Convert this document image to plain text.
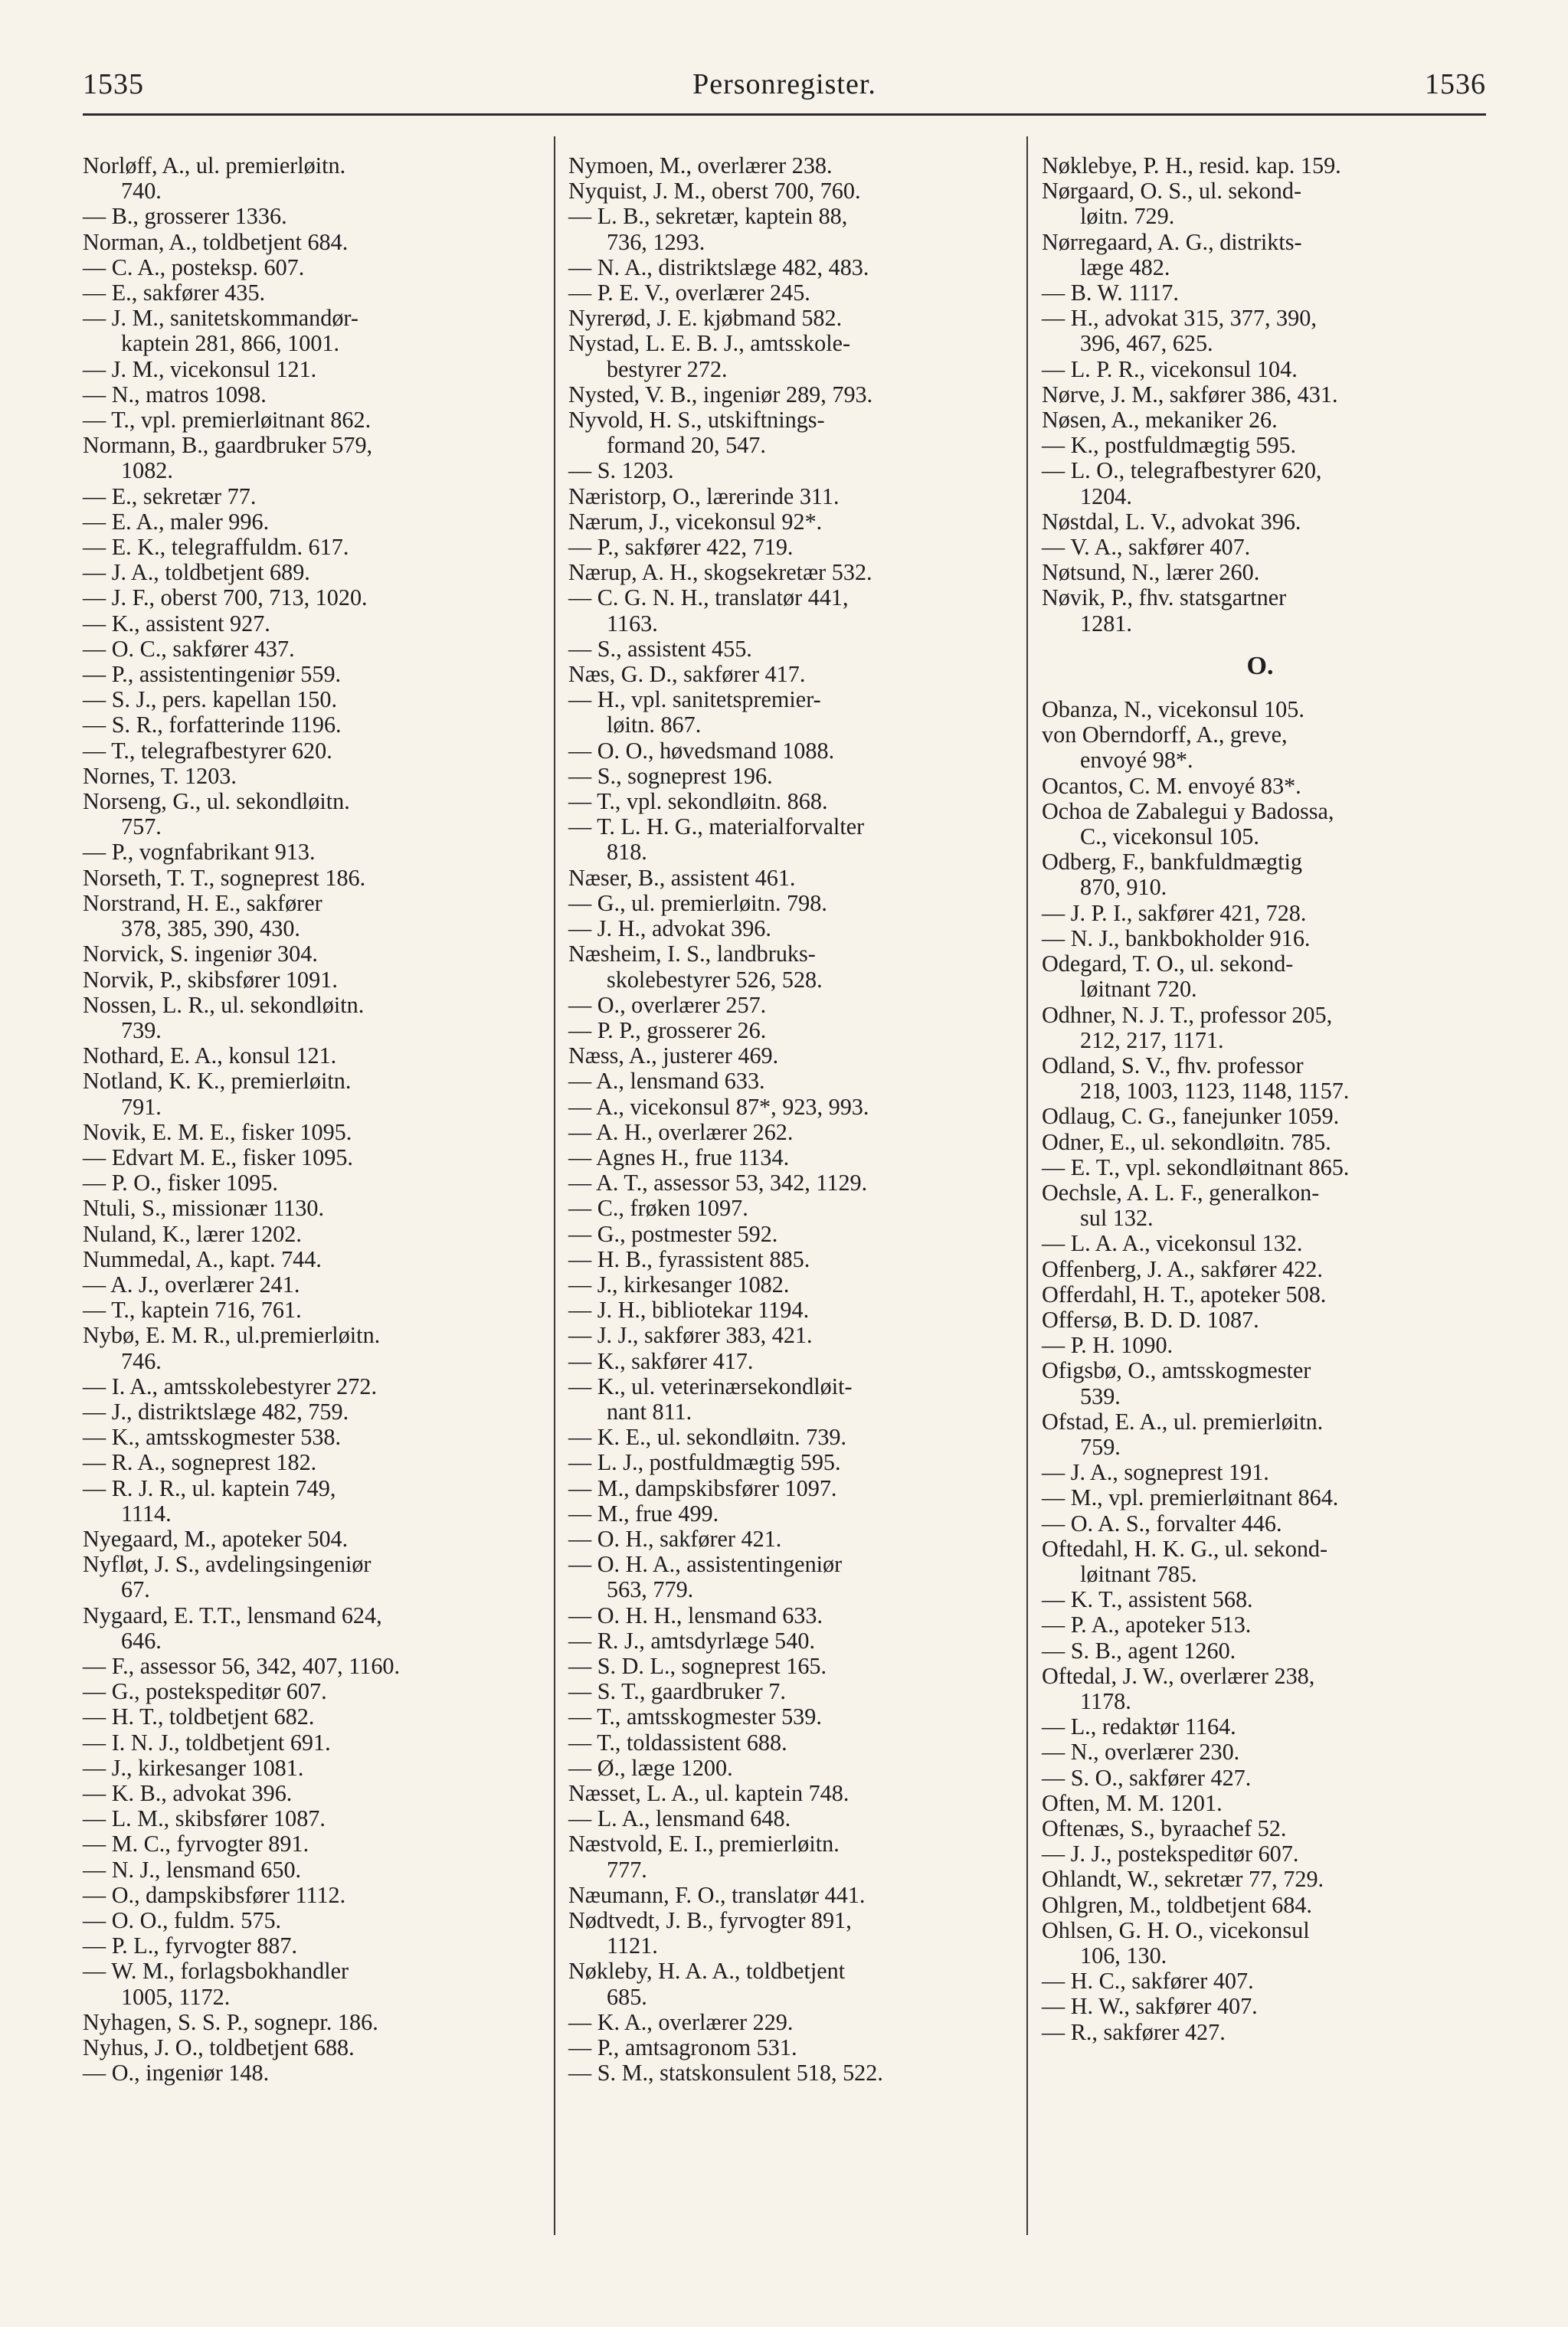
1535	Personregister.	1536

Norløff, A., ul. premierløitn.

740.

— B., grosserer 1336.

Norman, A., toldbetjent 684.

— C. A., posteksp. 607.

— E., sakfører 435.

— J. M., sanitetskommandør-

kaptein 281, 866, 1001.

— J. M., vicekonsul 121.

— N., matros 1098.

— T., vpl. premierløitnant 862.

Normann, B., gaardbruker 579,

1082.

— E., sekretær 77.

— E. A., maler 996.

— E. K., telegraffuldm. 617.

— J. A., toldbetjent 689.

— J. F., oberst 700, 713, 1020.

— K., assistent 927.

— O. C., sakfører 437.

— P., assistentingeniør 559.

— S. J., pers. kapellan 150.

— S. R., forfatterinde 1196.

— T., telegrafbestyrer 620.

Nornes, T. 1203.

Norseng, G., ul. sekondløitn.

757.

— P., vognfabrikant 913.

Norseth, T. T., sogneprest 186.

Norstrand, H. E., sakfører

378, 385, 390, 430.

Norvick, S. ingeniør 304.

Norvik, P., skibsfører 1091.

Nossen, L. R., ul. sekondløitn.

739.

Nothard, E. A., konsul 121.

Notland, K. K., premierløitn.

791.

Novik, E. M. E., fisker 1095.

— Edvart M. E., fisker 1095.

— P. O., fisker 1095.

Ntuli, S., missionær 1130.

Nuland, K., lærer 1202.

Nummedal, A., kapt. 744.

— A. J., overlærer 241.

— T., kaptein 716, 761.

Nybø, E. M. R., ul.premierløitn.

746.

— I. A., amtsskolebestyrer 272.

— J., distriktslæge 482, 759.

— K., amtsskogmester 538.

— R. A., sogneprest 182.

— R. J. R., ul. kaptein 749,

1114.

Nyegaard, M., apoteker 504.

Nyfløt, J. S., avdelingsingeniør

67.

Nygaard, E. T.T., lensmand 624,

646.

— F., assessor 56, 342, 407, 1160.

— G., postekspeditør 607.

— H. T., toldbetjent 682.

— I. N. J., toldbetjent 691.

— J., kirkesanger 1081.

— K. B., advokat 396.

— L. M., skibsfører 1087.

— M. C., fyrvogter 891.

— N. J., lensmand 650.

— O., dampskibsfører 1112.

— O. O., fuldm. 575.

— P. L., fyrvogter 887.

— W. M., forlagsbokhandler

1005, 1172.

Nyhagen, S. S. P., sognepr. 186.

Nyhus, J. O., toldbetjent 688.

— O., ingeniør 148.

Nymoen, M., overlærer 238.

Nyquist, J. M., oberst 700, 760.

— L. B., sekretær, kaptein 88,

736, 1293.

— N. A., distriktslæge 482, 483.

— P. E. V., overlærer 245.

Nyrerød, J. E. kjøbmand 582.

Nystad, L. E. B. J., amtsskole-

bestyrer 272.

Nysted, V. B., ingeniør 289, 793.

Nyvold, H. S., utskiftnings-

formand 20, 547.

— S. 1203.

Næristorp, O., lærerinde 311.

Nærum, J., vicekonsul 92*.

— P., sakfører 422, 719.

Nærup, A. H., skogsekretær 532.

— C. G. N. H., translatør 441,

1163.

— S., assistent 455.

Næs, G. D., sakfører 417.

— H., vpl. sanitetspremier-

løitn. 867.

— O. O., høvedsmand 1088.

— S., sogneprest 196.

— T., vpl. sekondløitn. 868.

— T. L. H. G., materialforvalter

818.

Næser, B., assistent 461.

— G., ul. premierløitn. 798.

— J. H., advokat 396.

Næsheim, I. S., landbruks-

skolebestyrer 526, 528.

— O., overlærer 257.

— P. P., grosserer 26.

Næss, A., justerer 469.

— A., lensmand 633.

— A., vicekonsul 87*, 923, 993.

— A. H., overlærer 262.

— Agnes H., frue 1134.

— A. T., assessor 53, 342, 1129.

— C., frøken 1097.

— G., postmester 592.

— H. B., fyrassistent 885.

— J., kirkesanger 1082.

— J. H., bibliotekar 1194.

— J. J., sakfører 383, 421.

— K., sakfører 417.

— K., ul. veterinærsekondløit-

nant 811.

— K. E., ul. sekondløitn. 739.

— L. J., postfuldmægtig 595.

— M., dampskibsfører 1097.

— M., frue 499.

— O. H., sakfører 421.

— O. H. A., assistentingeniør

563, 779.

— O. H. H., lensmand 633.

— R. J., amtsdyrlæge 540.

— S. D. L., sogneprest 165.

— S. T., gaardbruker 7.

— T., amtsskogmester 539.

— T., toldassistent 688.

— Ø., læge 1200.

Næsset, L. A., ul. kaptein 748.

— L. A., lensmand 648.

Næstvold, E. I., premierløitn.

777.

Næumann, F. O., translatør 441.

Nødtvedt, J. B., fyrvogter 891,

1121.

Nøkleby, H. A. A., toldbetjent

685.

— K. A., overlærer 229.

— P., amtsagronom 531.

— S. M., statskonsulent 518, 522.

Nøklebye, P. H., resid. kap. 159.

Nørgaard, O. S., ul. sekond-

løitn. 729.

Nørregaard, A. G., distrikts-

læge 482.

— B. W. 1117.

— H., advokat 315, 377, 390,

396, 467, 625.

— L. P. R., vicekonsul 104.

Nørve, J. M., sakfører 386, 431.

Nøsen, A., mekaniker 26.

— K., postfuldmægtig 595.

— L. O., telegrafbestyrer 620,

1204.

Nøstdal, L. V., advokat 396.

— V. A., sakfører 407.

Nøtsund, N., lærer 260.

Nøvik, P., fhv. statsgartner

1281.

O.

Obanza, N., vicekonsul 105.

von Oberndorff, A., greve,

envoyé 98*.

Ocantos, C. M. envoyé 83*.

Ochoa de Zabalegui y Badossa,

C., vicekonsul 105.

Odberg, F., bankfuldmægtig

870, 910.

— J. P. I., sakfører 421, 728.

— N. J., bankbokholder 916.

Odegard, T. O., ul. sekond-

løitnant 720.

Odhner, N. J. T., professor 205,

212, 217, 1171.

Odland, S. V., fhv. professor

218, 1003, 1123, 1148, 1157.

Odlaug, C. G., fanejunker 1059.

Odner, E., ul. sekondløitn. 785.

— E. T., vpl. sekondløitnant 865.

Oechsle, A. L. F., generalkon-

sul 132.

— L. A. A., vicekonsul 132.

Offenberg, J. A., sakfører 422.

Offerdahl, H. T., apoteker 508.

Offersø, B. D. D. 1087.

— P. H. 1090.

Ofigsbø, O., amtsskogmester

539.

Ofstad, E. A., ul. premierløitn.

759.

— J. A., sogneprest 191.

— M., vpl. premierløitnant 864.

— O. A. S., forvalter 446.

Oftedahl, H. K. G., ul. sekond-

løitnant 785.

— K. T., assistent 568.

— P. A., apoteker 513.

— S. B., agent 1260.

Oftedal, J. W., overlærer 238,

1178.

— L., redaktør 1164.

— N., overlærer 230.

— S. O., sakfører 427.

Often, M. M. 1201.

Oftenæs, S., byraachef 52.

— J. J., postekspeditør 607.

Ohlandt, W., sekretær 77, 729.

Ohlgren, M., toldbetjent 684.

Ohlsen, G. H. O., vicekonsul

106, 130.

— H. C., sakfører 407.

— H. W., sakfører 407.

— R., sakfører 427.
